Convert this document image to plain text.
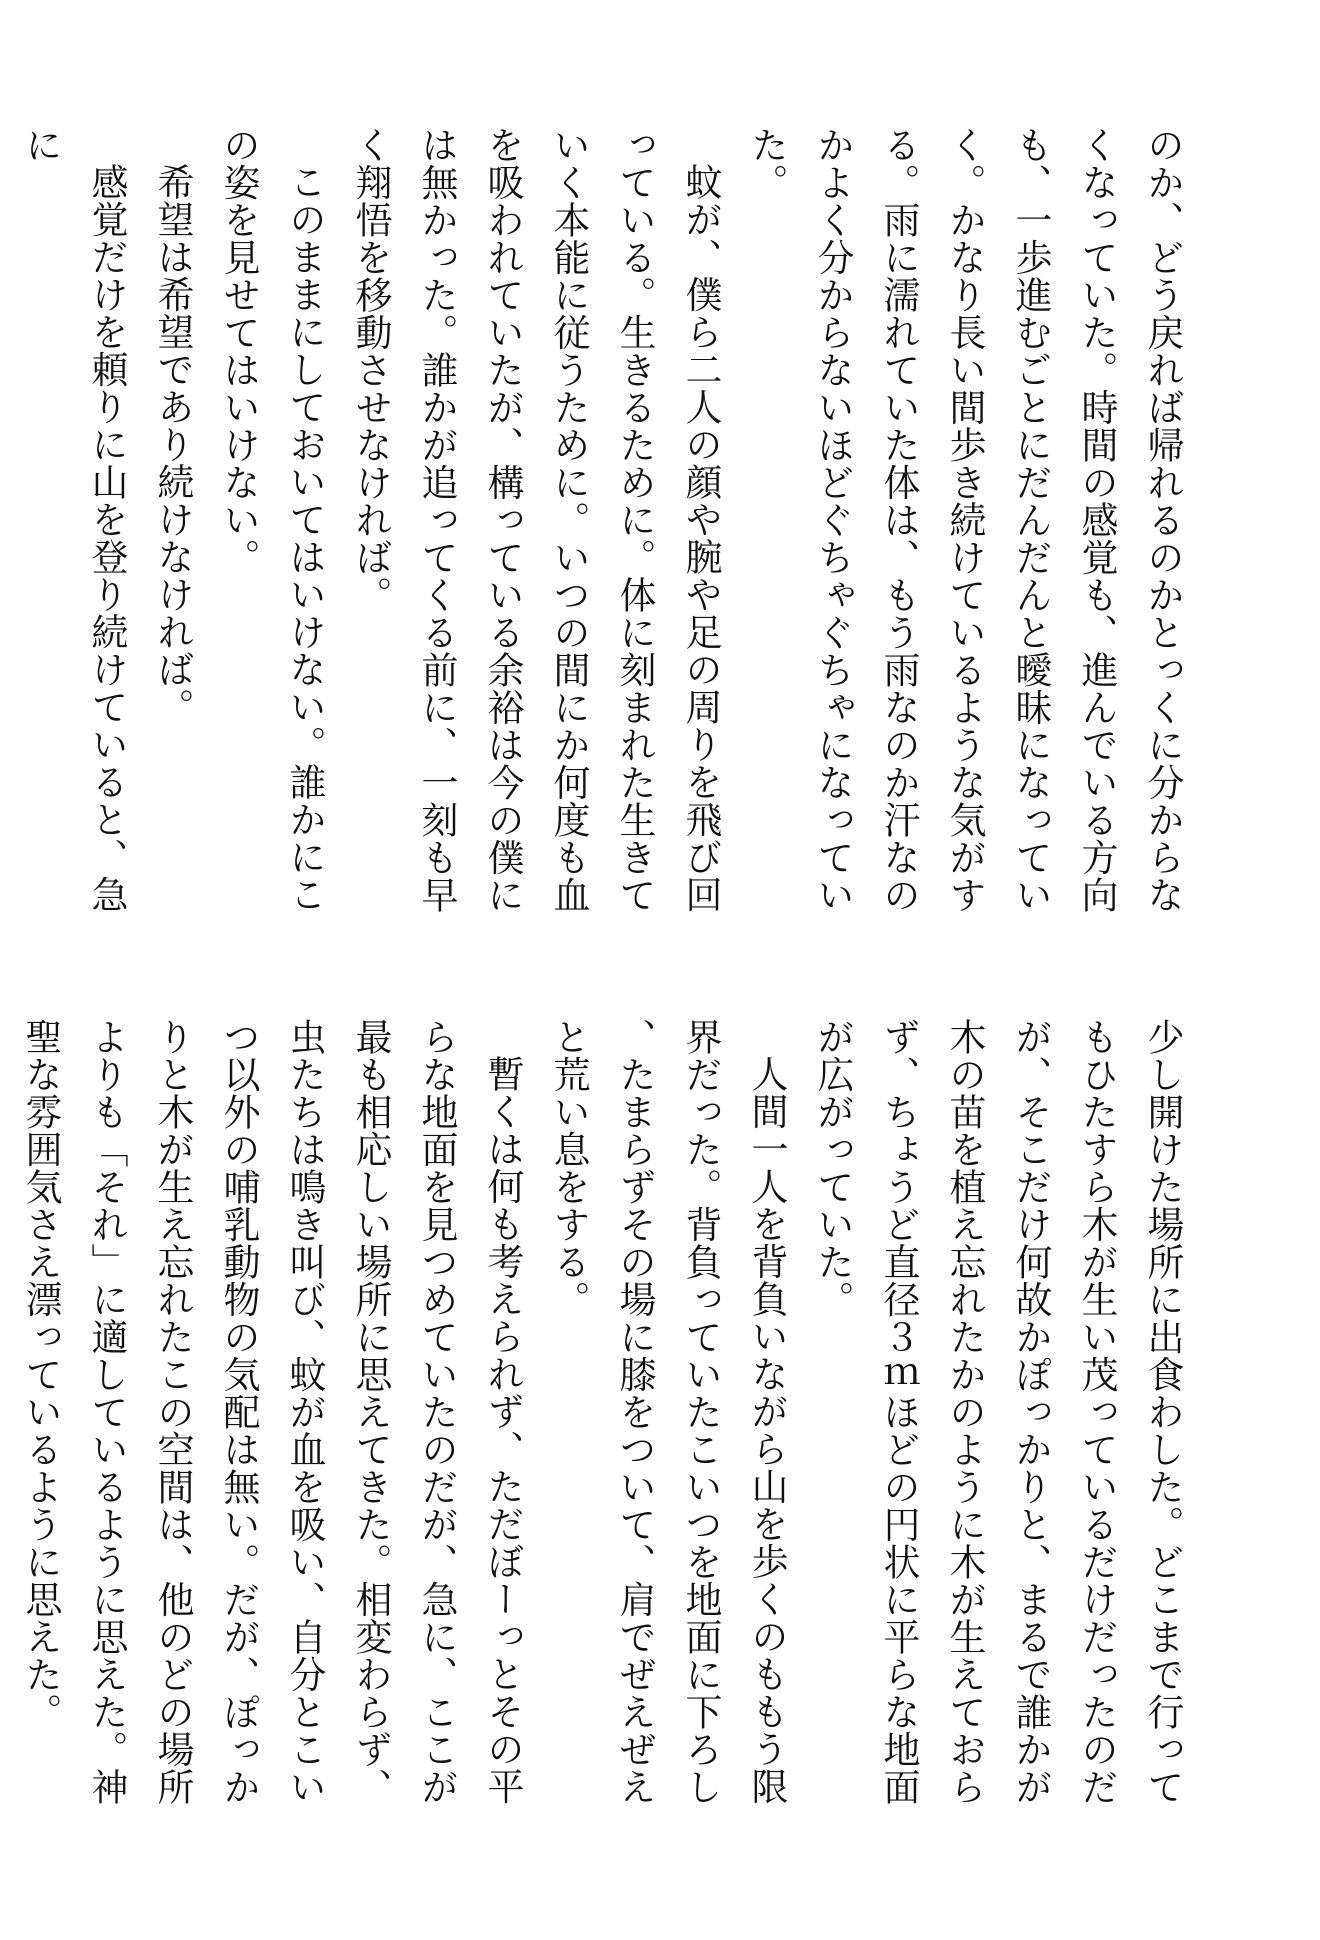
のか、どう戻れば帰れるのかとっくに分からなくなっていた。時間の感覚も、進んでいる方向も、一歩進むごとにだんだんと曖昧になっていく。かなり長い間歩き続けているような気がする。雨に濡れていた体は、もう雨なのか汗なのかよく分からないほどぐちゃぐちゃになっていた。

蚊が、僕ら二人の顔や腕や足の周りを飛び回っている。生きるために。体に刻まれた生きていく本能に従うために。いつの間にか何度も血を吸われていたが、構っている余裕は今の僕には無かった。誰かが追ってくる前に、一刻も早く翔悟を移動させなければ。

このままにしておいてはいけない。誰かにこの姿を見せてはいけない。

希望は希望であり続けなければ。

感覚だけを頼りに山を登り続けていると、急に

少し開けた場所に出食わした。どこまで行ってもひたすら木が生い茂っているだけだったのだが、そこだけ何故かぽっかりと、まるで誰かが木の苗を植え忘れたかのように木が生えておらず、ちょうど直径３ｍほどの円状に平らな地面が広がっていた。

人間一人を背負いながら山を歩くのももう限界だった。背負っていたこいつを地面に下ろし、たまらずその場に膝をついて、肩でぜえぜえと荒い息をする。

暫くは何も考えられず、ただぼーっとその平らな地面を見つめていたのだが、急に、ここが最も相応しい場所に思えてきた。相変わらず、虫たちは鳴き叫び、蚊が血を吸い、自分とこいつ以外の哺乳動物の気配は無い。だが、ぽっかりと木が生え忘れたこの空間は、他のどの場所よりも「それ」に適しているように思えた。神聖な雰囲気さえ漂っているように思えた。
